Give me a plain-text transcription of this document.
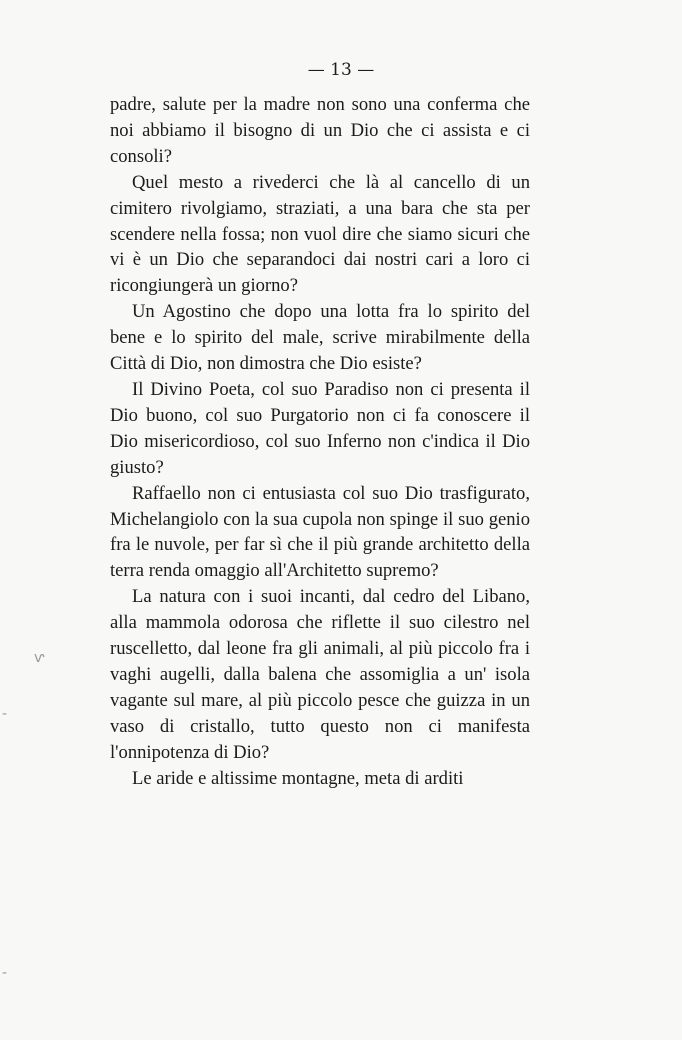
— 13 —

padre, salute per la madre non sono una conferma che noi abbiamo il bisogno di un Dio che ci assista e ci consoli?

Quel mesto a rivederci che là al cancello di un cimitero rivolgiamo, straziati, a una bara che sta per scendere nella fossa; non vuol dire che siamo sicuri che vi è un Dio che separandoci dai nostri cari a loro ci ricongiungerà un giorno?

Un Agostino che dopo una lotta fra lo spirito del bene e lo spirito del male, scrive mirabilmente della Città di Dio, non dimostra che Dio esiste?

Il Divino Poeta, col suo Paradiso non ci presenta il Dio buono, col suo Purgatorio non ci fa conoscere il Dio misericordioso, col suo Inferno non c'indica il Dio giusto?

Raffaello non ci entusiasta col suo Dio trasfigurato, Michelangiolo con la sua cupola non spinge il suo genio fra le nuvole, per far sì che il più grande architetto della terra renda omaggio all'Architetto supremo?

La natura con i suoi incanti, dal cedro del Libano, alla mammola odorosa che riflette il suo cilestro nel ruscelletto, dal leone fra gli animali, al più piccolo fra i vaghi augelli, dalla balena che assomiglia a un' isola vagante sul mare, al più piccolo pesce che guizza in un vaso di cristallo, tutto questo non ci manifesta l'onnipotenza di Dio?

Le aride e altissime montagne, meta di arditi

ⱱ
-
-
